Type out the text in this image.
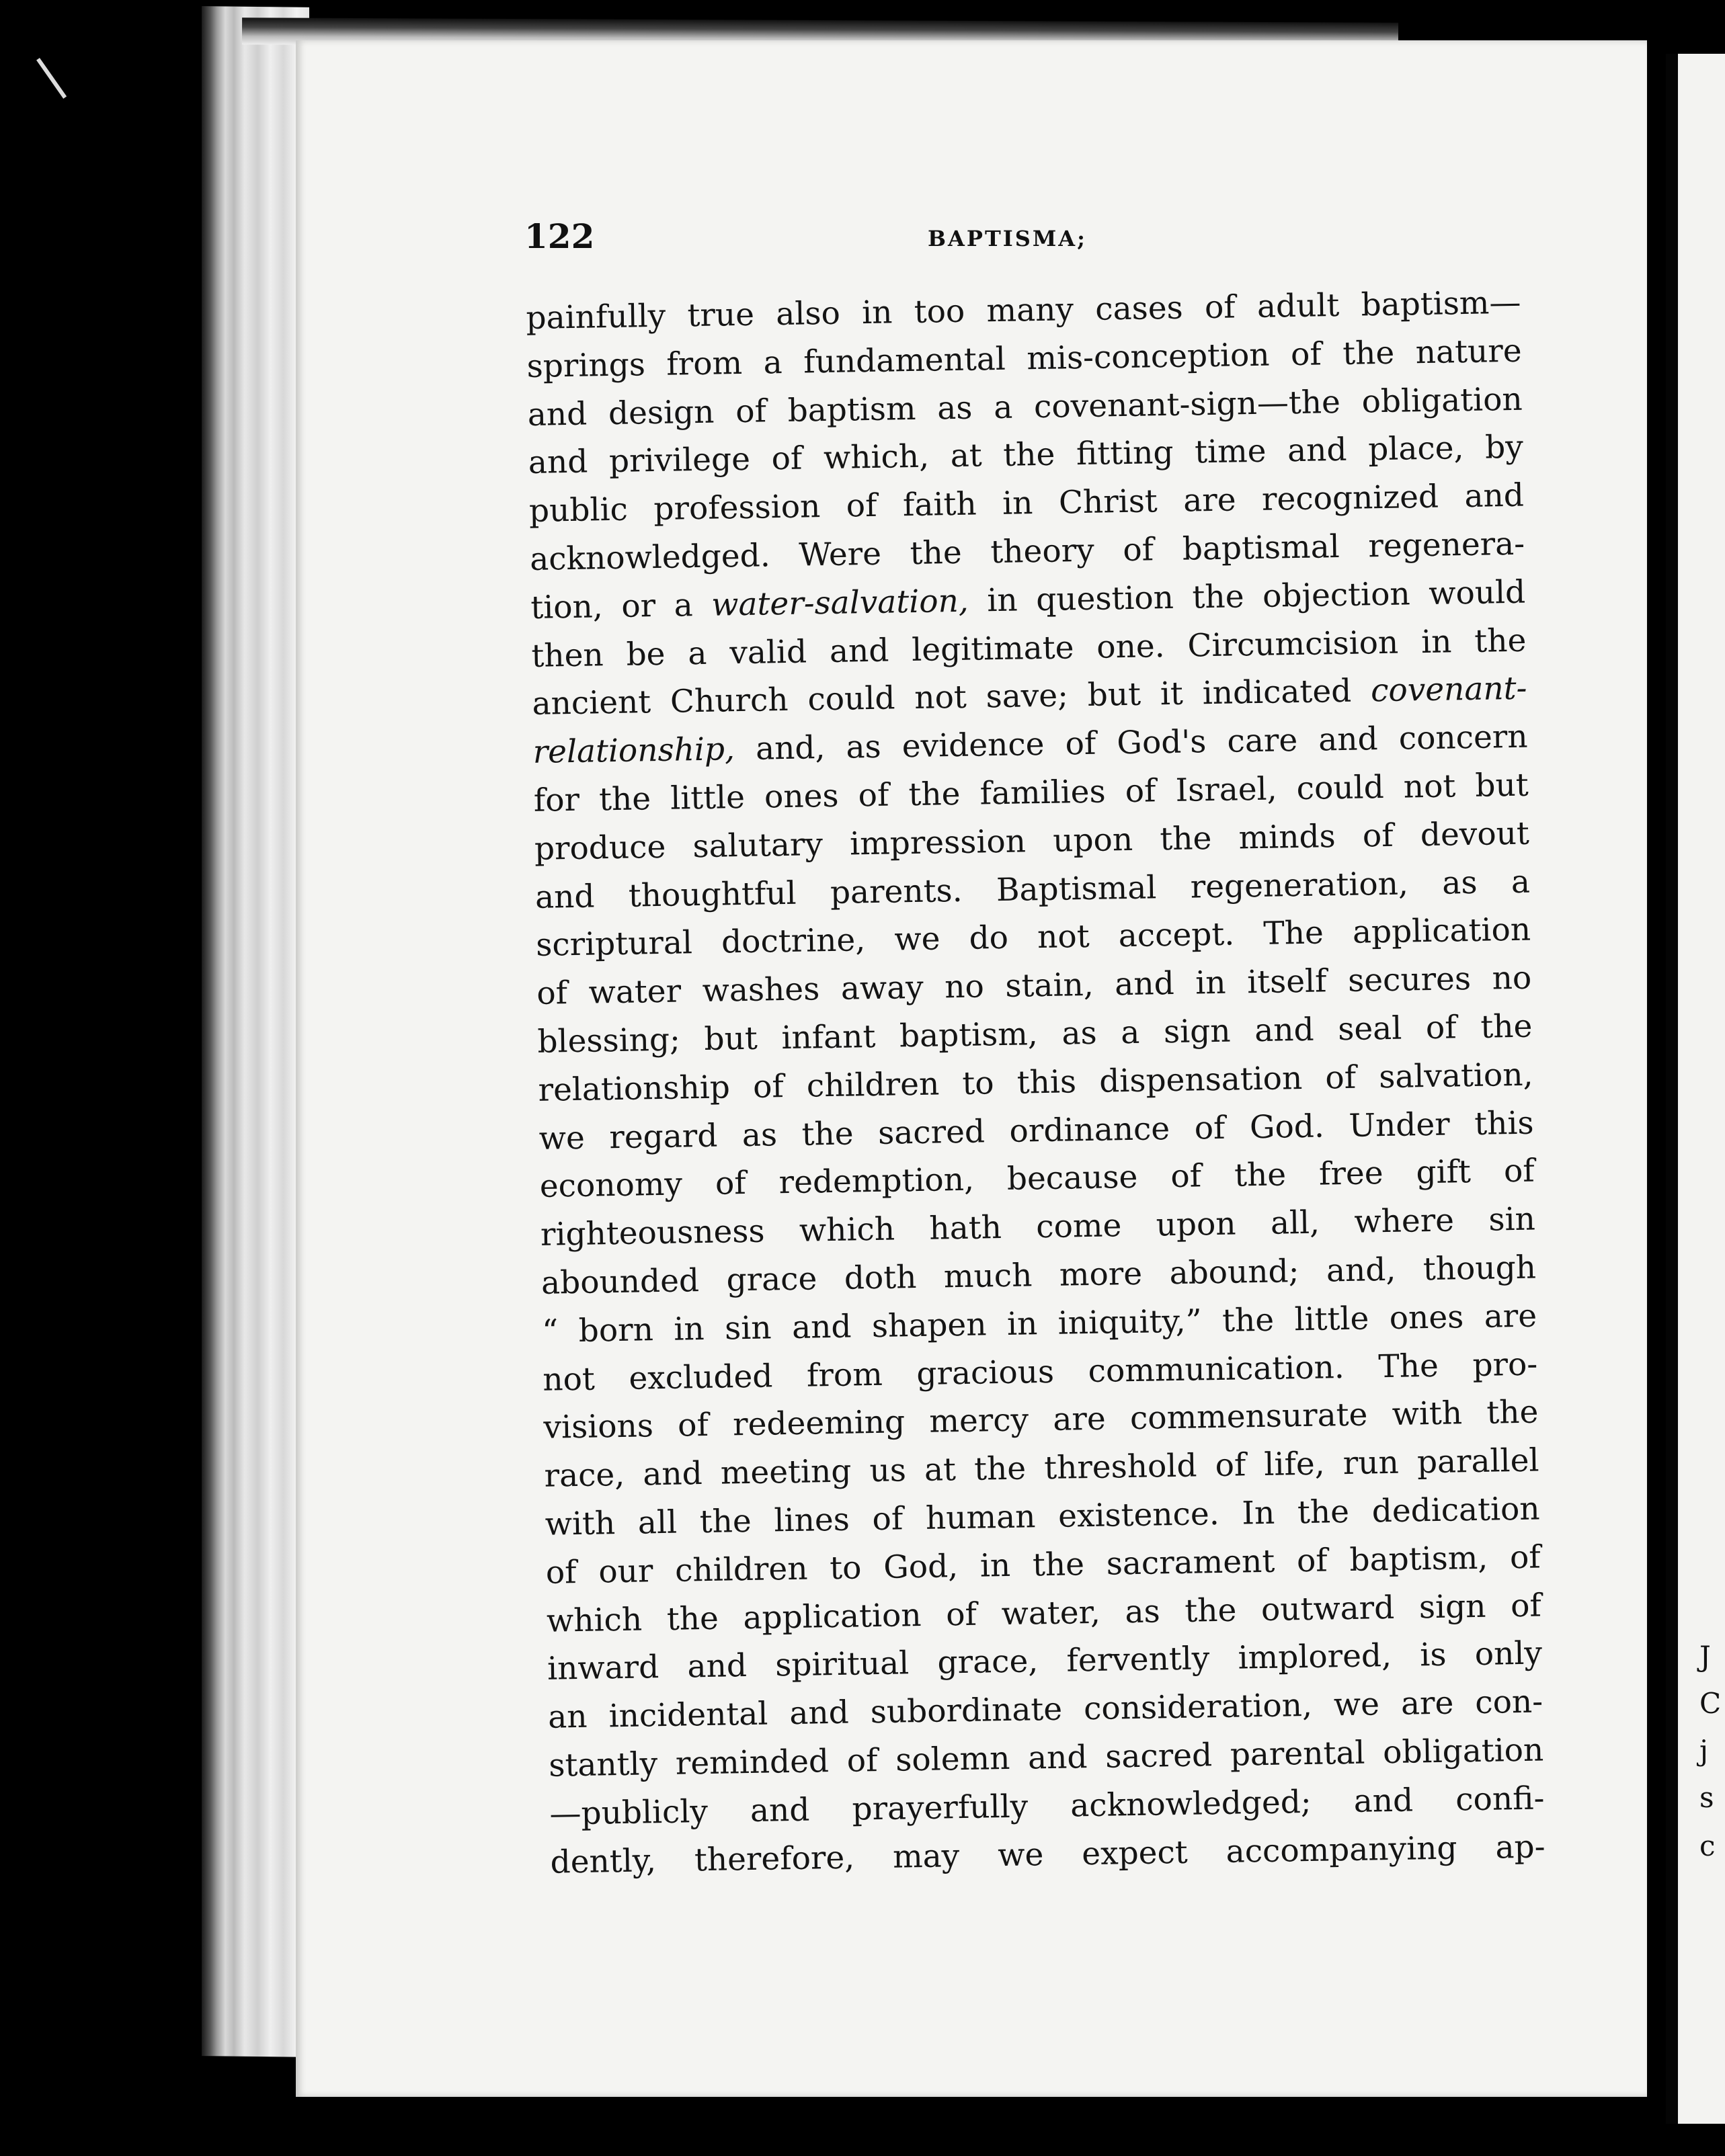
122	BAPTISMA;
painfully true also in too many cases of adult baptism—
springs from a fundamental mis-conception of the nature
and design of baptism as a covenant-sign—the obligation
and privilege of which, at the fitting time and place, by
public profession of faith in Christ are recognized and
acknowledged. Were the theory of baptismal regenera-
tion, or a water-salvation, in question the objection would
then be a valid and legitimate one. Circumcision in the
ancient Church could not save; but it indicated covenant-
relationship, and, as evidence of God's care and concern
for the little ones of the families of Israel, could not but
produce salutary impression upon the minds of devout
and thoughtful parents. Baptismal regeneration, as a
scriptural doctrine, we do not accept. The application
of water washes away no stain, and in itself secures no
blessing; but infant baptism, as a sign and seal of the
relationship of children to this dispensation of salvation,
we regard as the sacred ordinance of God. Under this
economy of redemption, because of the free gift of
righteousness which hath come upon all, where sin
abounded grace doth much more abound; and, though
“ born in sin and shapen in iniquity,” the little ones are
not excluded from gracious communication. The pro-
visions of redeeming mercy are commensurate with the
race, and meeting us at the threshold of life, run parallel
with all the lines of human existence. In the dedication
of our children to God, in the sacrament of baptism, of
which the application of water, as the outward sign of
inward and spiritual grace, fervently implored, is only
an incidental and subordinate consideration, we are con-
stantly reminded of solemn and sacred parental obligation
—publicly and prayerfully acknowledged; and confi-
dently, therefore, may we expect accompanying ap-
J
C
j
s
c
